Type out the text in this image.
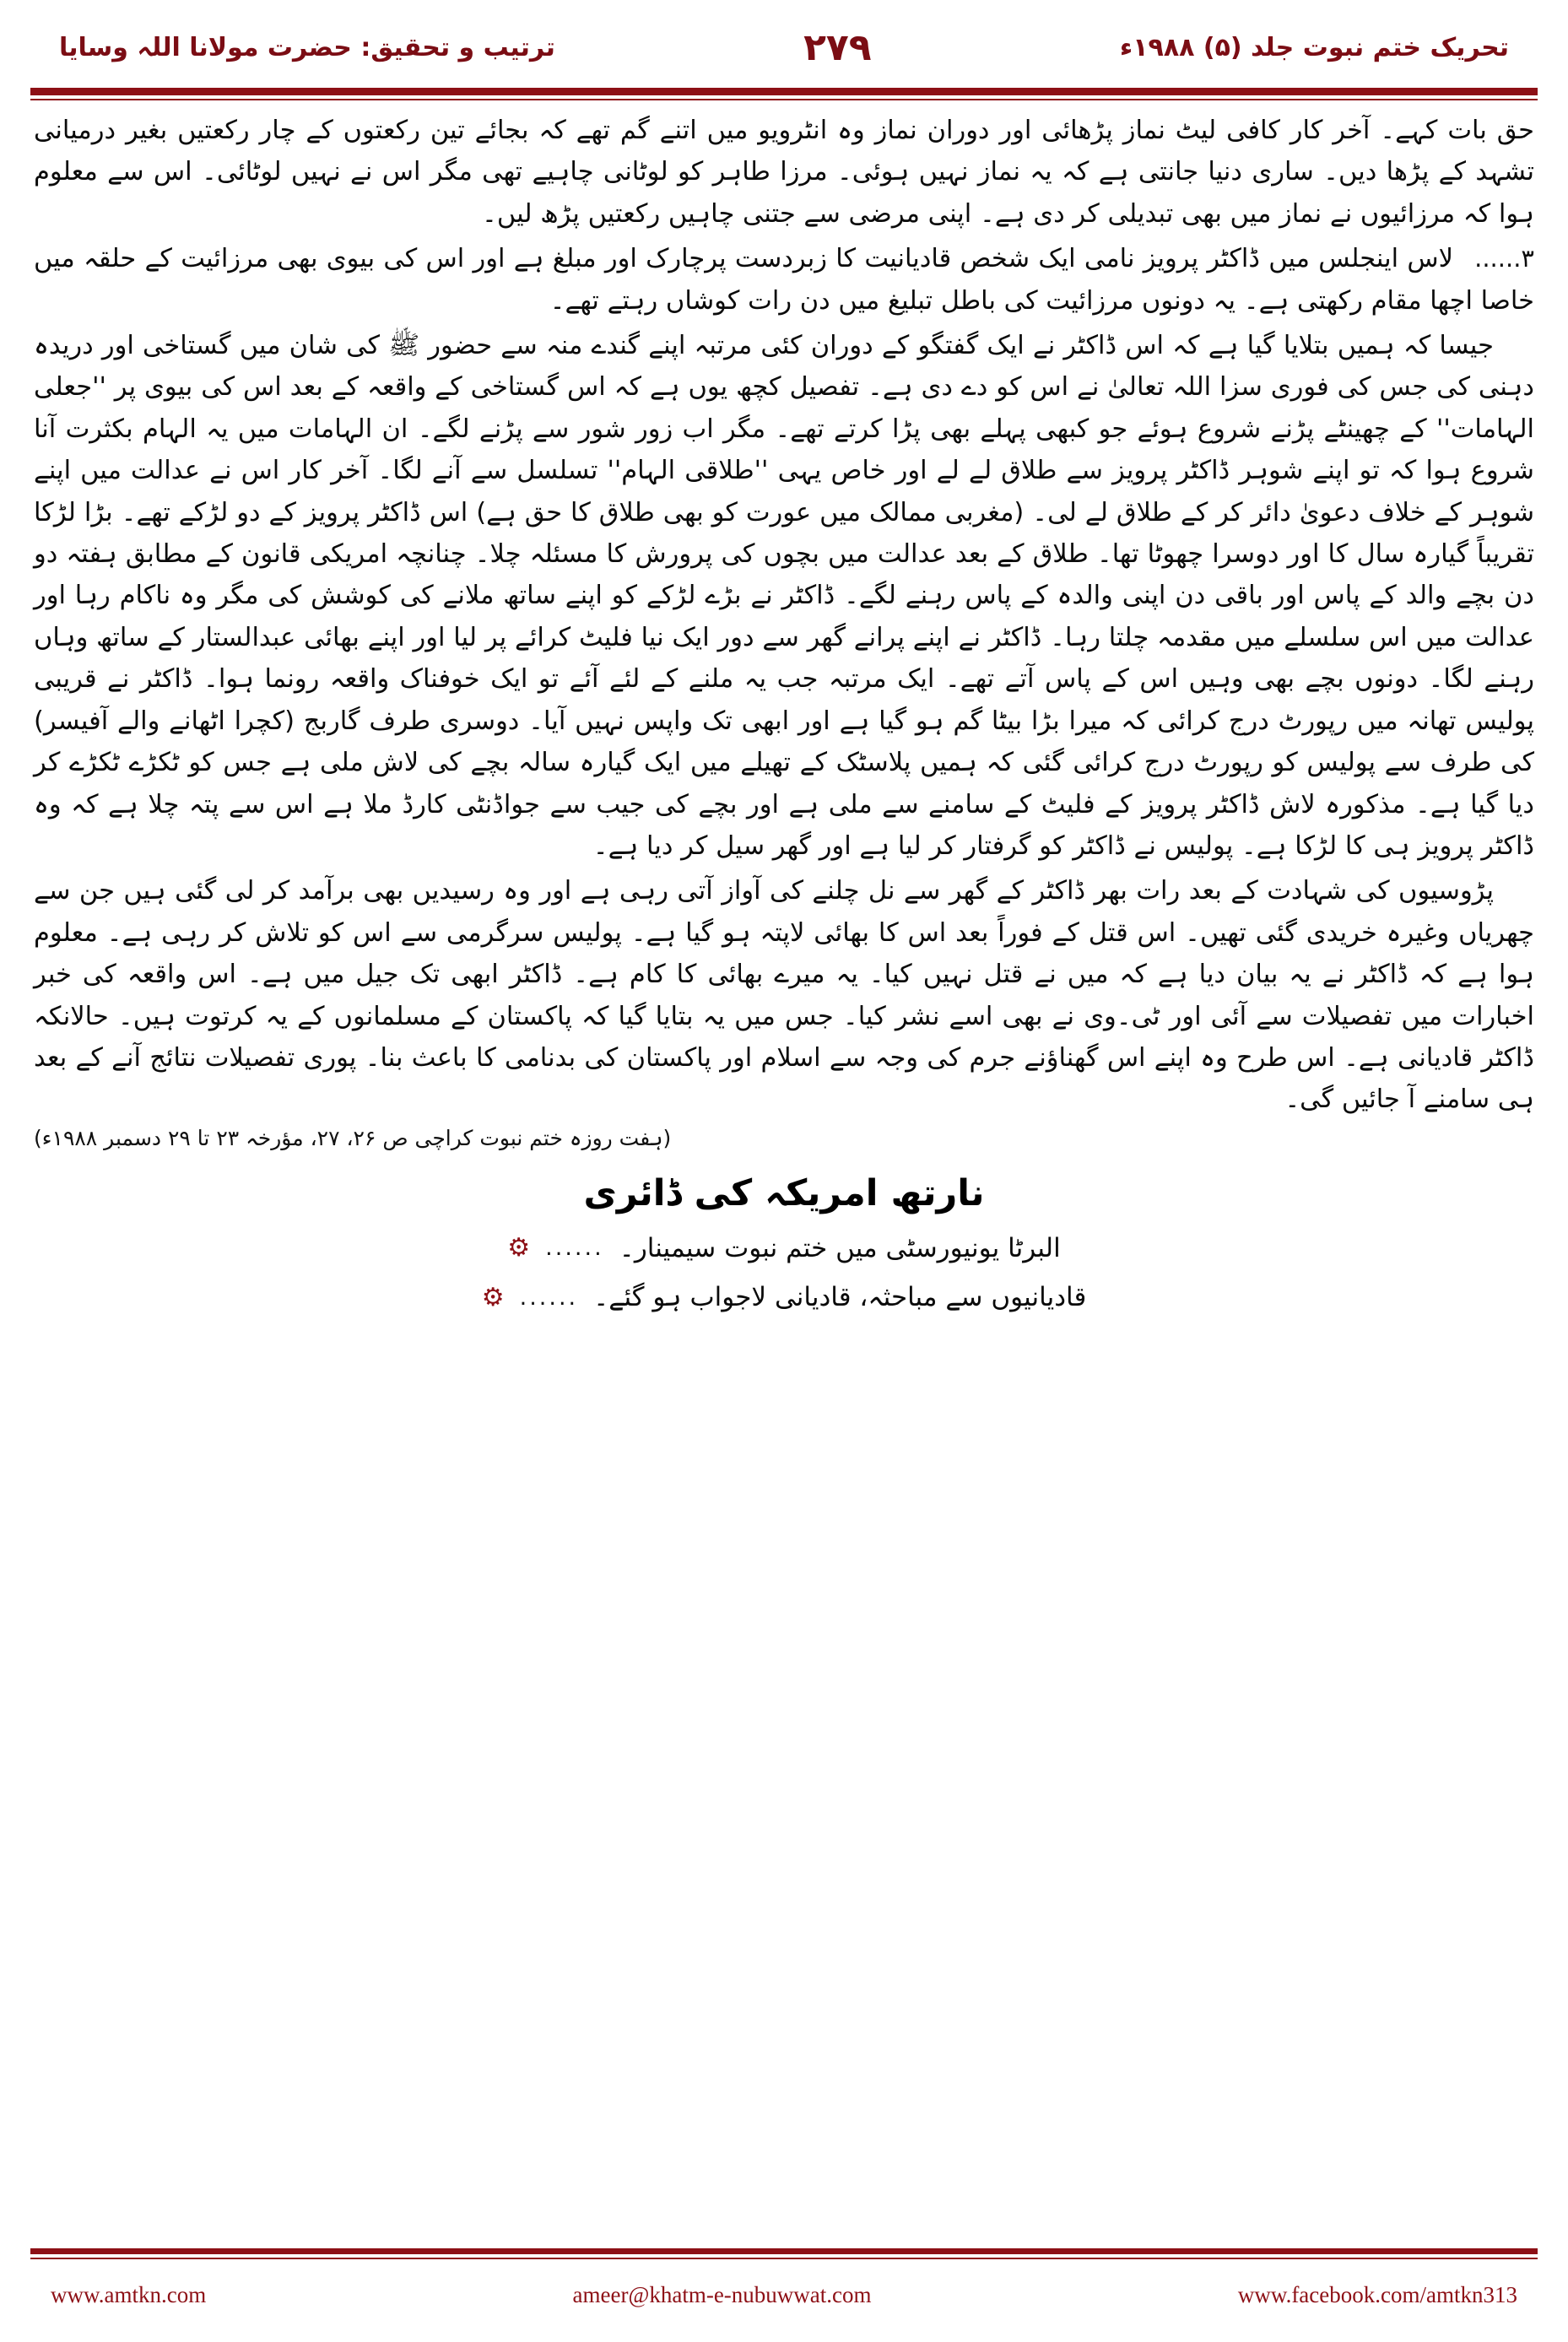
تحریک ختم نبوت جلد (۵) ۱۹۸۸ء
۲۷۹
ترتیب و تحقیق: حضرت مولانا اللہ وسایا

حق بات کہے۔ آخر کار کافی لیٹ نماز پڑھائی اور دوران نماز وہ انٹرویو میں اتنے گم تھے کہ بجائے تین رکعتوں کے چار رکعتیں بغیر درمیانی تشہد کے پڑھا دیں۔ ساری دنیا جانتی ہے کہ یہ نماز نہیں ہوئی۔ مرزا طاہر کو لوٹانی چاہیے تھی مگر اس نے نہیں لوٹائی۔ اس سے معلوم ہوا کہ مرزائیوں نے نماز میں بھی تبدیلی کر دی ہے۔ اپنی مرضی سے جتنی چاہیں رکعتیں پڑھ لیں۔

۳......لاس اینجلس میں ڈاکٹر پرویز نامی ایک شخص قادیانیت کا زبردست پرچارک اور مبلغ ہے اور اس کی بیوی بھی مرزائیت کے حلقہ میں خاصا اچھا مقام رکھتی ہے۔ یہ دونوں مرزائیت کی باطل تبلیغ میں دن رات کوشاں رہتے تھے۔

جیسا کہ ہمیں بتلایا گیا ہے کہ اس ڈاکٹر نے ایک گفتگو کے دوران کئی مرتبہ اپنے گندے منہ سے حضور ﷺ کی شان میں گستاخی اور دریدہ دہنی کی جس کی فوری سزا اللہ تعالیٰ نے اس کو دے دی ہے۔ تفصیل کچھ یوں ہے کہ اس گستاخی کے واقعہ کے بعد اس کی بیوی پر ''جعلی الہامات'' کے چھینٹے پڑنے شروع ہوئے جو کبھی پہلے بھی پڑا کرتے تھے۔ مگر اب زور شور سے پڑنے لگے۔ ان الہامات میں یہ الہام بکثرت آنا شروع ہوا کہ تو اپنے شوہر ڈاکٹر پرویز سے طلاق لے لے اور خاص یہی ''طلاقی الہام'' تسلسل سے آنے لگا۔ آخر کار اس نے عدالت میں اپنے شوہر کے خلاف دعویٰ دائر کر کے طلاق لے لی۔ (مغربی ممالک میں عورت کو بھی طلاق کا حق ہے) اس ڈاکٹر پرویز کے دو لڑکے تھے۔ بڑا لڑکا تقریباً گیارہ سال کا اور دوسرا چھوٹا تھا۔ طلاق کے بعد عدالت میں بچوں کی پرورش کا مسئلہ چلا۔ چنانچہ امریکی قانون کے مطابق ہفتہ دو دن بچے والد کے پاس اور باقی دن اپنی والدہ کے پاس رہنے لگے۔ ڈاکٹر نے بڑے لڑکے کو اپنے ساتھ ملانے کی کوشش کی مگر وہ ناکام رہا اور عدالت میں اس سلسلے میں مقدمہ چلتا رہا۔ ڈاکٹر نے اپنے پرانے گھر سے دور ایک نیا فلیٹ کرائے پر لیا اور اپنے بھائی عبدالستار کے ساتھ وہاں رہنے لگا۔ دونوں بچے بھی وہیں اس کے پاس آتے تھے۔ ایک مرتبہ جب یہ ملنے کے لئے آئے تو ایک خوفناک واقعہ رونما ہوا۔ ڈاکٹر نے قریبی پولیس تھانہ میں رپورٹ درج کرائی کہ میرا بڑا بیٹا گم ہو گیا ہے اور ابھی تک واپس نہیں آیا۔ دوسری طرف گاربج (کچرا اٹھانے والے آفیسر) کی طرف سے پولیس کو رپورٹ درج کرائی گئی کہ ہمیں پلاسٹک کے تھیلے میں ایک گیارہ سالہ بچے کی لاش ملی ہے جس کو ٹکڑے ٹکڑے کر دیا گیا ہے۔ مذکورہ لاش ڈاکٹر پرویز کے فلیٹ کے سامنے سے ملی ہے اور بچے کی جیب سے جواڈنٹی کارڈ ملا ہے اس سے پتہ چلا ہے کہ وہ ڈاکٹر پرویز ہی کا لڑکا ہے۔ پولیس نے ڈاکٹر کو گرفتار کر لیا ہے اور گھر سیل کر دیا ہے۔

پڑوسیوں کی شہادت کے بعد رات بھر ڈاکٹر کے گھر سے نل چلنے کی آواز آتی رہی ہے اور وہ رسیدیں بھی برآمد کر لی گئی ہیں جن سے چھریاں وغیرہ خریدی گئی تھیں۔ اس قتل کے فوراً بعد اس کا بھائی لاپتہ ہو گیا ہے۔ پولیس سرگرمی سے اس کو تلاش کر رہی ہے۔ معلوم ہوا ہے کہ ڈاکٹر نے یہ بیان دیا ہے کہ میں نے قتل نہیں کیا۔ یہ میرے بھائی کا کام ہے۔ ڈاکٹر ابھی تک جیل میں ہے۔ اس واقعہ کی خبر اخبارات میں تفصیلات سے آئی اور ٹی۔وی نے بھی اسے نشر کیا۔ جس میں یہ بتایا گیا کہ پاکستان کے مسلمانوں کے یہ کرتوت ہیں۔ حالانکہ ڈاکٹر قادیانی ہے۔ اس طرح وہ اپنے اس گھناؤنے جرم کی وجہ سے اسلام اور پاکستان کی بدنامی کا باعث بنا۔ پوری تفصیلات نتائج آنے کے بعد ہی سامنے آ جائیں گی۔

(ہفت روزہ ختم نبوت کراچی ص ۲۶، ۲۷، مؤرخہ ۲۳ تا ۲۹ دسمبر ۱۹۸۸ء)
نارتھ امریکہ کی ڈائری
البرٹا یونیورسٹی میں ختم نبوت سیمینار۔
......
⚙
قادیانیوں سے مباحثہ، قادیانی لاجواب ہو گئے۔
......
⚙
www.amtkn.com	ameer@khatm-e-nubuwwat.com	www.facebook.com/amtkn313
